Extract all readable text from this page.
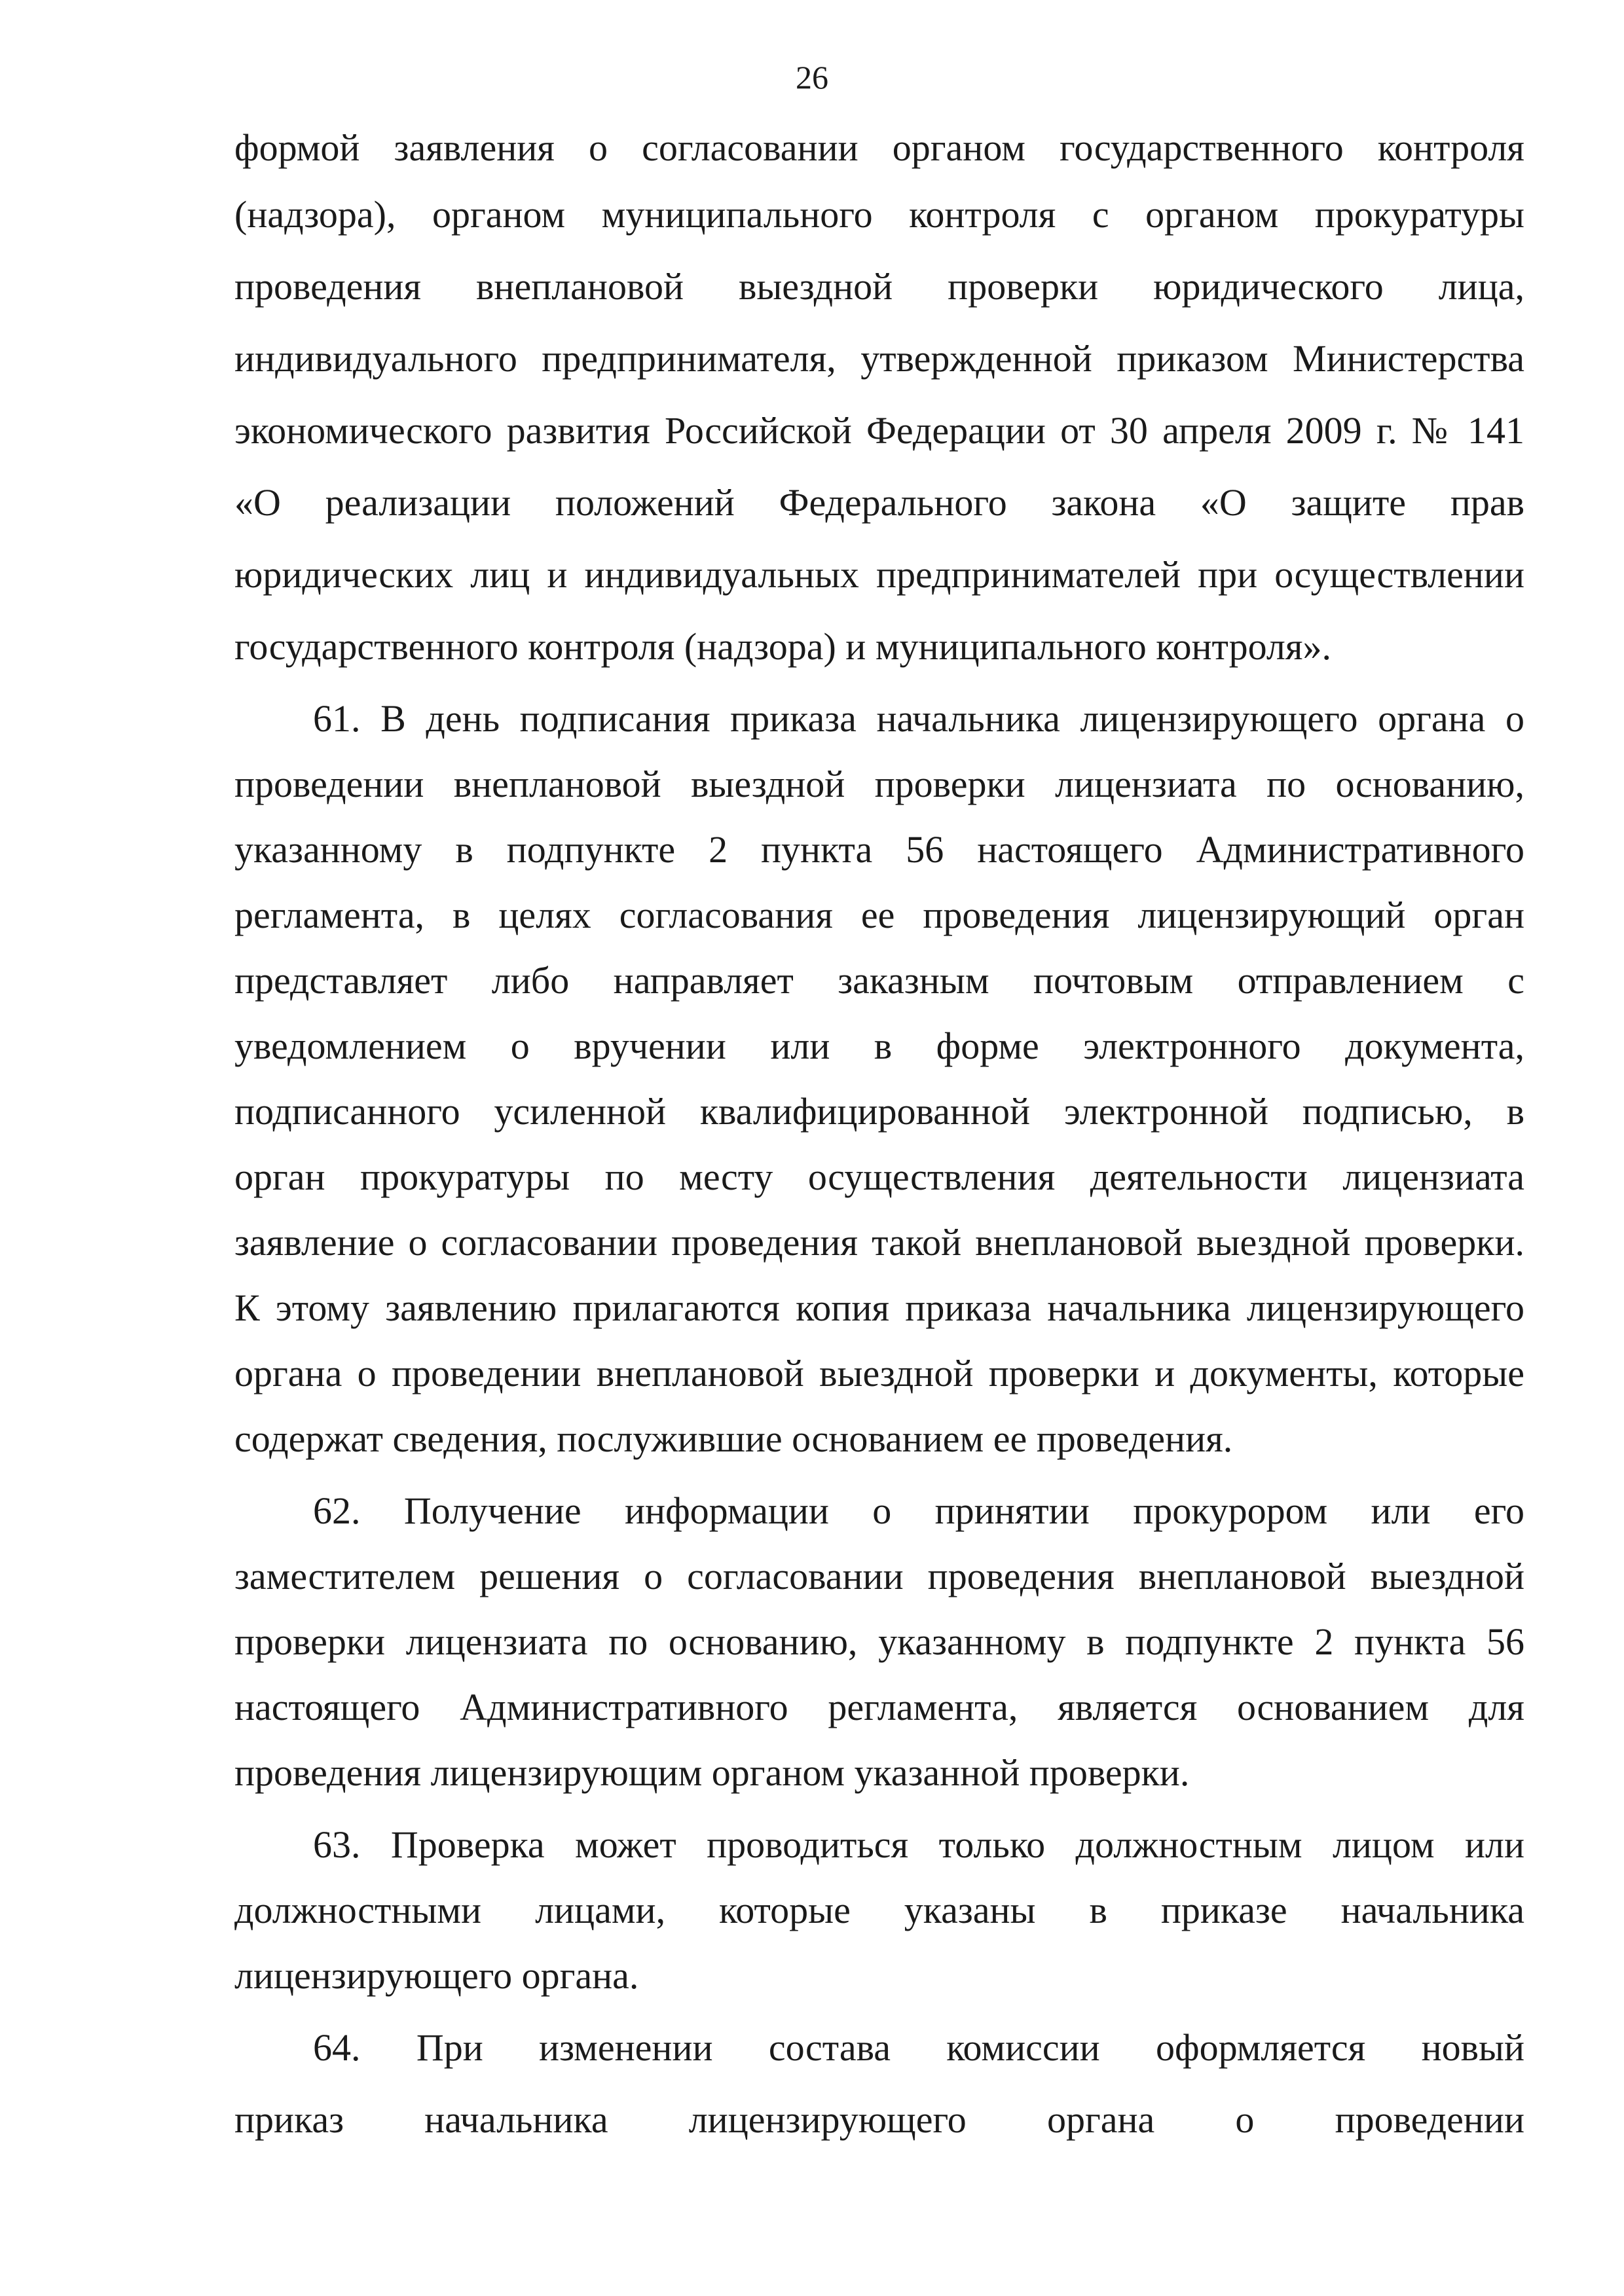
26
формой заявления о согласовании органом государственного контроля
(надзора), органом муниципального контроля с органом прокуратуры
проведения внеплановой выездной проверки юридического лица,
индивидуального предпринимателя, утвержденной приказом Министерства
экономического развития Российской Федерации от 30 апреля 2009 г. № 141
«О реализации положений Федерального закона «О защите прав
юридических лиц и индивидуальных предпринимателей при осуществлении
государственного контроля (надзора) и муниципального контроля».
61. В день подписания приказа начальника лицензирующего органа о
проведении внеплановой выездной проверки лицензиата по основанию,
указанному в подпункте 2 пункта 56 настоящего Административного
регламента, в целях согласования ее проведения лицензирующий орган
представляет либо направляет заказным почтовым отправлением с
уведомлением о вручении или в форме электронного документа,
подписанного усиленной квалифицированной электронной подписью, в
орган прокуратуры по месту осуществления деятельности лицензиата
заявление о согласовании проведения такой внеплановой выездной проверки.
К этому заявлению прилагаются копия приказа начальника лицензирующего
органа о проведении внеплановой выездной проверки и документы, которые
содержат сведения, послужившие основанием ее проведения.
62. Получение информации о принятии прокурором или его
заместителем решения о согласовании проведения внеплановой выездной
проверки лицензиата по основанию, указанному в подпункте 2 пункта 56
настоящего Административного регламента, является основанием для
проведения лицензирующим органом указанной проверки.
63. Проверка может проводиться только должностным лицом или
должностными лицами, которые указаны в приказе начальника
лицензирующего органа.
64. При изменении состава комиссии оформляется новый
приказ начальника лицензирующего органа о проведении
